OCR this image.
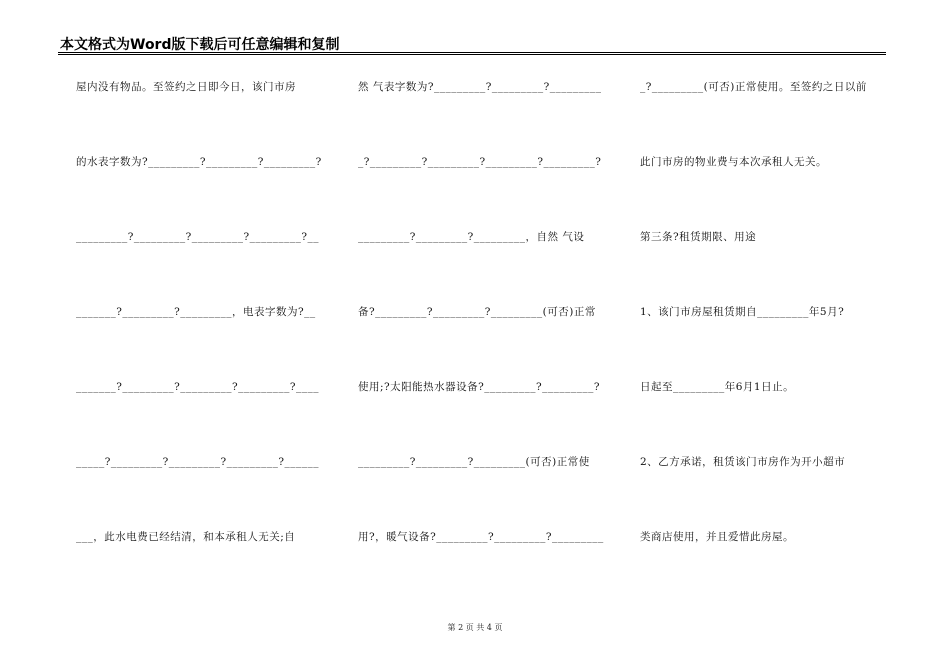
本文格式为Word版下载后可任意编辑和复制
屋内没有物品。至签约之日即今日，该门市房
的水表字数为?_________?_________?_________?
_________?_________?_________?_________?__
_______?_________?_________，电表字数为?__
_______?_________?_________?_________?____
_____?_________?_________?_________?______
___，此水电费已经结清，和本承租人无关;自
然 气表字数为?_________?_________?_________
_?_________?_________?_________?_________?
_________?_________?_________，自然 气设
备?_________?_________?_________(可否)正常
使用;?太阳能热水器设备?_________?_________?
_________?_________?_________(可否)正常使
用?，暖气设备?_________?_________?_________
_?_________(可否)正常使用。至签约之日以前
此门市房的物业费与本次承租人无关。
第三条?租赁期限、用途
1、该门市房屋租赁期自_________年5月?
日起至_________年6月1日止。
2、乙方承诺，租赁该门市房作为开小超市
类商店使用，并且爱惜此房屋。
第 2 页 共 4 页
